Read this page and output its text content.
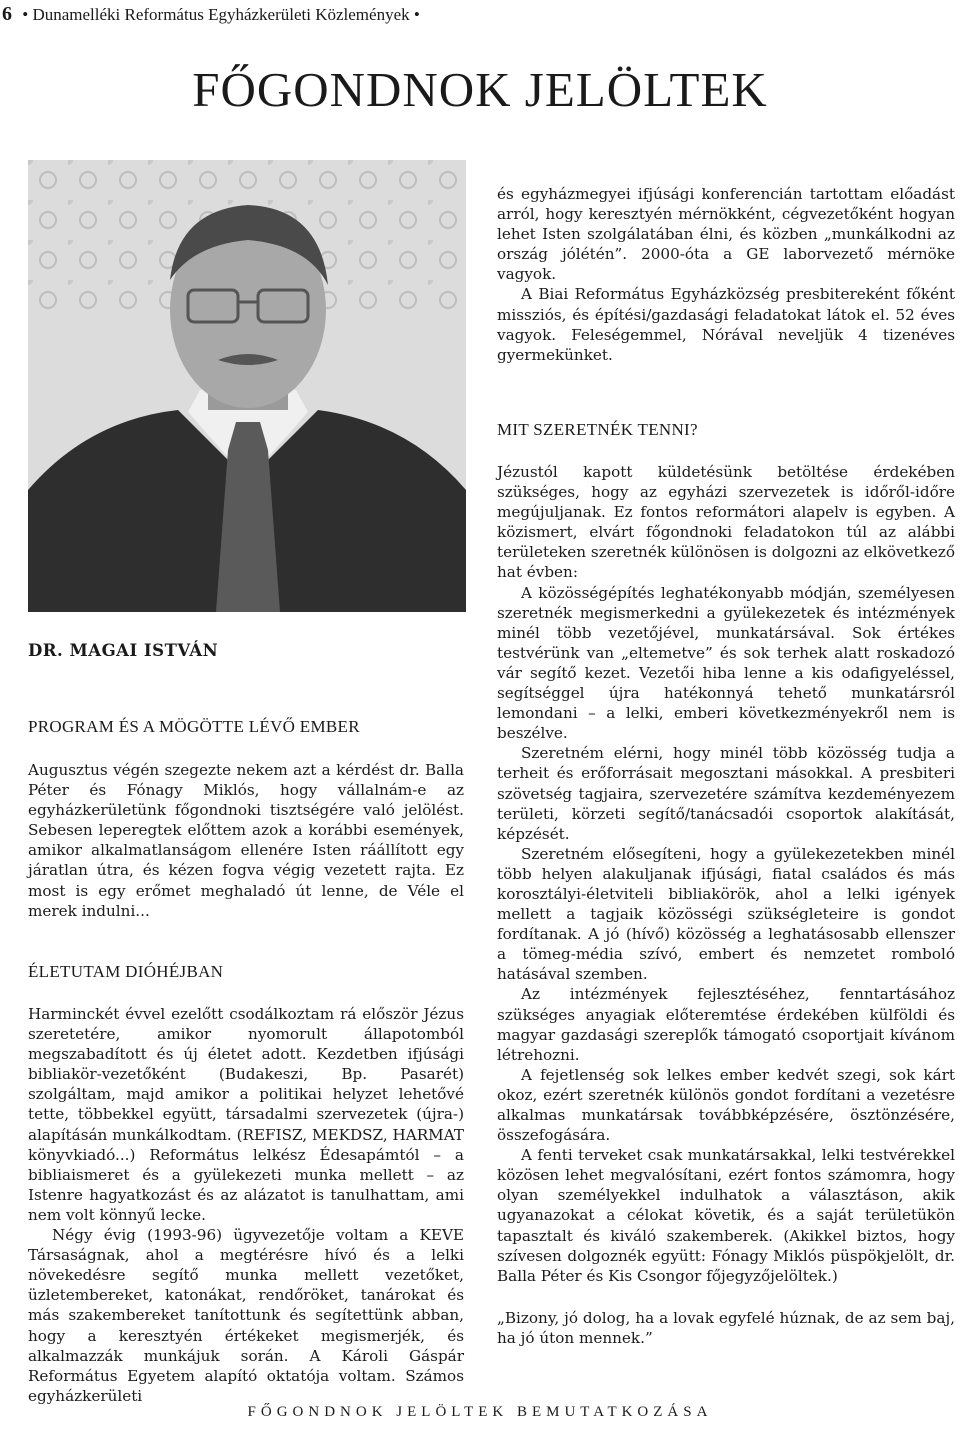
6 • Dunamelléki Református Egyházkerületi Közlemények •
FŐGONDNOK JELÖLTEK
DR. MAGAI ISTVÁN
PROGRAM ÉS A MÖGÖTTE LÉVŐ EMBER

Augusztus végén szegezte nekem azt a kérdést dr. Balla Péter és Fónagy Miklós, hogy vállalnám-e az egyházkerületünk főgondnoki tisztségére való jelölést. Sebesen leperegtek előttem azok a korábbi események, amikor alkalmatlanságom ellenére Isten ráállított egy járatlan útra, és kézen fogva végig vezetett rajta. Ez most is egy erőmet meghaladó út lenne, de Véle el merek indulni...

ÉLETUTAM DIÓHÉJBAN

Harminckét évvel ezelőtt csodálkoztam rá először Jézus szeretetére, amikor nyomorult állapotomból megszabadított és új életet adott. Kezdetben ifjúsági bibliakör-vezetőként (Budakeszi, Bp. Pasarét) szolgáltam, majd amikor a politikai helyzet lehetővé tette, többekkel együtt, társadalmi szervezetek (újra-) alapításán munkálkodtam. (REFISZ, MEKDSZ, HARMAT könyvkiadó...) Református lelkész Édesapámtól – a bibliaismeret és a gyülekezeti munka mellett – az Istenre hagyatkozást és az alázatot is tanulhattam, ami nem volt könnyű lecke.

Négy évig (1993-96) ügyvezetője voltam a KEVE Társaságnak, ahol a megtérésre hívó és a lelki növekedésre segítő munka mellett vezetőket, üzletembereket, katonákat, rendőröket, tanárokat és más szakembereket tanítottunk és segítettünk abban, hogy a keresztyén értékeket megismerjék, és alkalmazzák munkájuk során. A Károli Gáspár Református Egyetem alapító oktatója voltam. Számos egyházkerületi

és egyházmegyei ifjúsági konferencián tartottam előadást arról, hogy keresztyén mérnökként, cégvezetőként hogyan lehet Isten szolgálatában élni, és közben „munkálkodni az ország jólétén”. 2000-óta a GE laborvezető mérnöke vagyok.

A Biai Református Egyházközség presbitereként főként missziós, és építési/gazdasági feladatokat látok el. 52 éves vagyok. Feleségemmel, Nórával neveljük 4 tizenéves gyermekünket.

MIT SZERETNÉK TENNI?

Jézustól kapott küldetésünk betöltése érdekében szükséges, hogy az egyházi szervezetek is időről-időre megújuljanak. Ez fontos reformátori alapelv is egyben. A közismert, elvárt főgondnoki feladatokon túl az alábbi területeken szeretnék különösen is dolgozni az elkövetkező hat évben:

A közösségépítés leghatékonyabb módján, személyesen szeretnék megismerkedni a gyülekezetek és intézmények minél több vezetőjével, munkatársával. Sok értékes testvérünk van „eltemetve” és sok terhek alatt roskadozó vár segítő kezet. Vezetői hiba lenne a kis odafigyeléssel, segítséggel újra hatékonnyá tehető munkatársról lemondani – a lelki, emberi következményekről nem is beszélve.

Szeretném elérni, hogy minél több közösség tudja a terheit és erőforrásait megosztani másokkal. A presbiteri szövetség tagjaira, szervezetére számítva kezdeményezem területi, körzeti segítő/tanácsadói csoportok alakítását, képzését.

Szeretném elősegíteni, hogy a gyülekezetekben minél több helyen alakuljanak ifjúsági, fiatal családos és más korosztályi-életviteli bibliakörök, ahol a lelki igények mellett a tagjaik közösségi szükségleteire is gondot fordítanak. A jó (hívő) közösség a leghatásosabb ellenszer a tömeg-média szívó, embert és nemzetet romboló hatásával szemben.

Az intézmények fejlesztéséhez, fenntartásához szükséges anyagiak előteremtése érdekében külföldi és magyar gazdasági szereplők támogató csoportjait kívánom létrehozni.

A fejetlenség sok lelkes ember kedvét szegi, sok kárt okoz, ezért szeretnék különös gondot fordítani a vezetésre alkalmas munkatársak továbbképzésére, ösztönzésére, összefogására.

A fenti terveket csak munkatársakkal, lelki testvérekkel közösen lehet megvalósítani, ezért fontos számomra, hogy olyan személyekkel indulhatok a választáson, akik ugyanazokat a célokat követik, és a saját területükön tapasztalt és kiváló szakemberek. (Akikkel biztos, hogy szívesen dolgoznék együtt: Fónagy Miklós püspökjelölt, dr. Balla Péter és Kis Csongor főjegyzőjelöltek.)

„Bizony, jó dolog, ha a lovak egyfelé húznak, de az sem baj, ha jó úton mennek.”

FŐGONDNOK JELÖLTEK BEMUTATKOZÁSA
